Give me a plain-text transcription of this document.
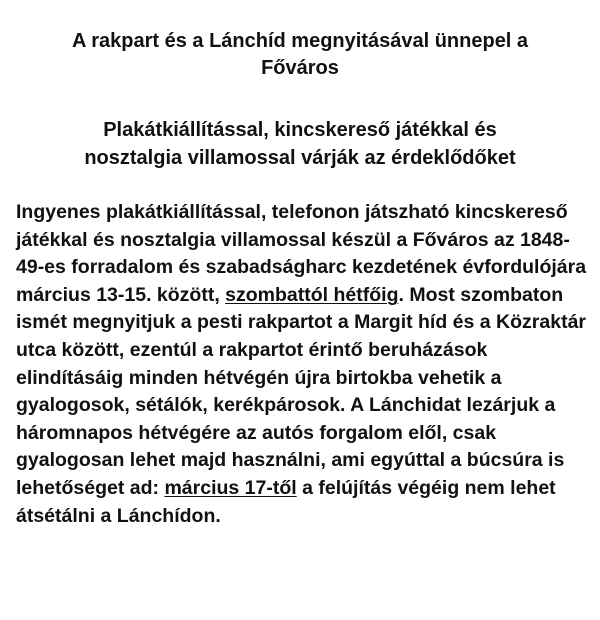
A rakpart és a Lánchíd megnyitásával ünnepel a
Főváros
Plakátkiállítással, kincskereső játékkal és
nosztalgia villamossal várják az érdeklődőket

Ingyenes plakátkiállítással, telefonon játszható kincskereső játékkal és nosztalgia villamossal készül a Főváros az 1848-49-es forradalom és szabadságharc kezdetének évfordulójára március 13-15. között, szombattól hétfőig. Most szombaton ismét megnyitjuk a pesti rakpartot a Margit híd és a Közraktár utca között, ezentúl a rakpartot érintő beruházások elindításáig minden hétvégén újra birtokba vehetik a gyalogosok, sétálók, kerékpárosok. A Lánchidat lezárjuk a háromnapos hétvégére az autós forgalom elől, csak gyalogosan lehet majd használni, ami egyúttal a búcsúra is lehetőséget ad: március 17-től a felújítás végéig nem lehet átsétálni a Lánchídon.
